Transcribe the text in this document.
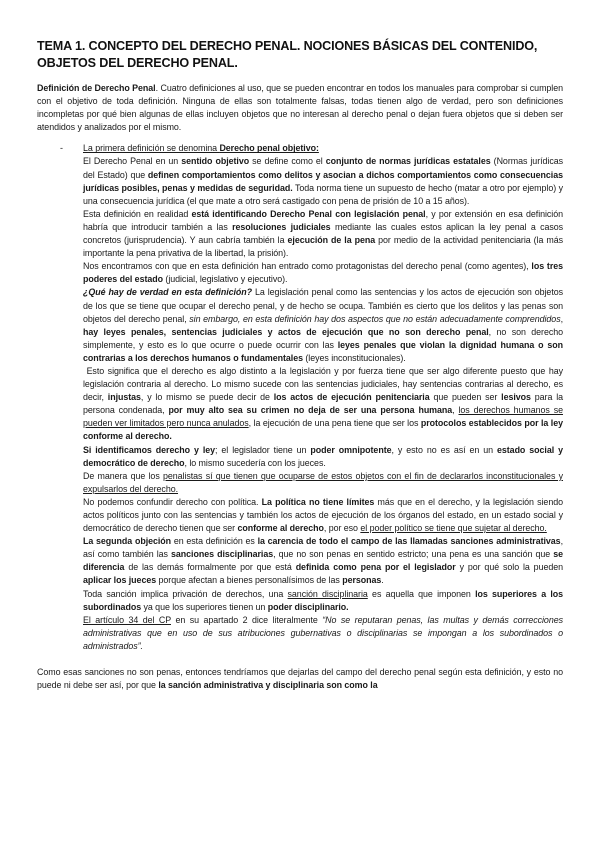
TEMA 1. CONCEPTO DEL DERECHO PENAL. NOCIONES BÁSICAS DEL CONTENIDO, OBJETOS DEL DERECHO PENAL.

Definición de Derecho Penal. Cuatro definiciones al uso, que se pueden encontrar en todos los manuales para comprobar si cumplen con el objetivo de toda definición. Ninguna de ellas son totalmente falsas, todas tienen algo de verdad, pero son definiciones incompletas por qué bien algunas de ellas incluyen objetos que no interesan al derecho penal o dejan fuera objetos que si deben ser atendidos y analizados por el mismo.

- La primera definición se denomina Derecho penal objetivo:

El Derecho Penal en un sentido objetivo se define como el conjunto de normas jurídicas estatales (Normas jurídicas del Estado) que definen comportamientos como delitos y asocian a dichos comportamientos como consecuencias jurídicas posibles, penas y medidas de seguridad. Toda norma tiene un supuesto de hecho (matar a otro por ejemplo) y una consecuencia jurídica (el que mate a otro será castigado con pena de prisión de 10 a 15 años).

Esta definición en realidad está identificando Derecho Penal con legislación penal, y por extensión en esa definición habría que introducir también a las resoluciones judiciales mediante las cuales estos aplican la ley penal a casos concretos (jurisprudencia). Y aun cabría también la ejecución de la pena por medio de la actividad penitenciaria (la más importante la pena privativa de la libertad, la prisión).

Nos encontramos con que en esta definición han entrado como protagonistas del derecho penal (como agentes), los tres poderes del estado (judicial, legislativo y ejecutivo).

¿Qué hay de verdad en esta definición? La legislación penal como las sentencias y los actos de ejecución son objetos de los que se tiene que ocupar el derecho penal, y de hecho se ocupa. También es cierto que los delitos y las penas son objetos del derecho penal, sin embargo, en esta definición hay dos aspectos que no están adecuadamente comprendidos, hay leyes penales, sentencias judiciales y actos de ejecución que no son derecho penal, no son derecho simplemente, y esto es lo que ocurre o puede ocurrir con las leyes penales que violan la dignidad humana o son contrarias a los derechos humanos o fundamentales (leyes inconstitucionales).

Esto significa que el derecho es algo distinto a la legislación y por fuerza tiene que ser algo diferente puesto que hay legislación contraria al derecho. Lo mismo sucede con las sentencias judiciales, hay sentencias contrarias al derecho, es decir, injustas, y lo mismo se puede decir de los actos de ejecución penitenciaria que pueden ser lesivos para la persona condenada, por muy alto sea su crimen no deja de ser una persona humana, los derechos humanos se pueden ver limitados pero nunca anulados, la ejecución de una pena tiene que ser los protocolos establecidos por la ley conforme al derecho.

Si identificamos derecho y ley; el legislador tiene un poder omnipotente, y esto no es así en un estado social y democrático de derecho, lo mismo sucedería con los jueces.

De manera que los penalistas sí que tienen que ocuparse de estos objetos con el fin de declararlos inconstitucionales y expulsarlos del derecho.

No podemos confundir derecho con política. La política no tiene límites más que en el derecho, y la legislación siendo actos políticos junto con las sentencias y también los actos de ejecución de los órganos del estado, en un estado social y democrático de derecho tienen que ser conforme al derecho, por eso el poder político se tiene que sujetar al derecho.

La segunda objeción en esta definición es la carencia de todo el campo de las llamadas sanciones administrativas, así como también las sanciones disciplinarias, que no son penas en sentido estricto; una pena es una sanción que se diferencia de las demás formalmente por que está definida como pena por el legislador y por qué solo la pueden aplicar los jueces porque afectan a bienes personalísimos de las personas.

Toda sanción implica privación de derechos, una sanción disciplinaria es aquella que imponen los superiores a los subordinados ya que los superiores tienen un poder disciplinario.

El artículo 34 del CP en su apartado 2 dice literalmente “No se reputaran penas, las multas y demás correcciones administrativas que en uso de sus atribuciones gubernativas o disciplinarias se impongan a los subordinados o administrados”.

Como esas sanciones no son penas, entonces tendríamos que dejarlas del campo del derecho penal según esta definición, y esto no puede ni debe ser así, por que la sanción administrativa y disciplinaria son como la
